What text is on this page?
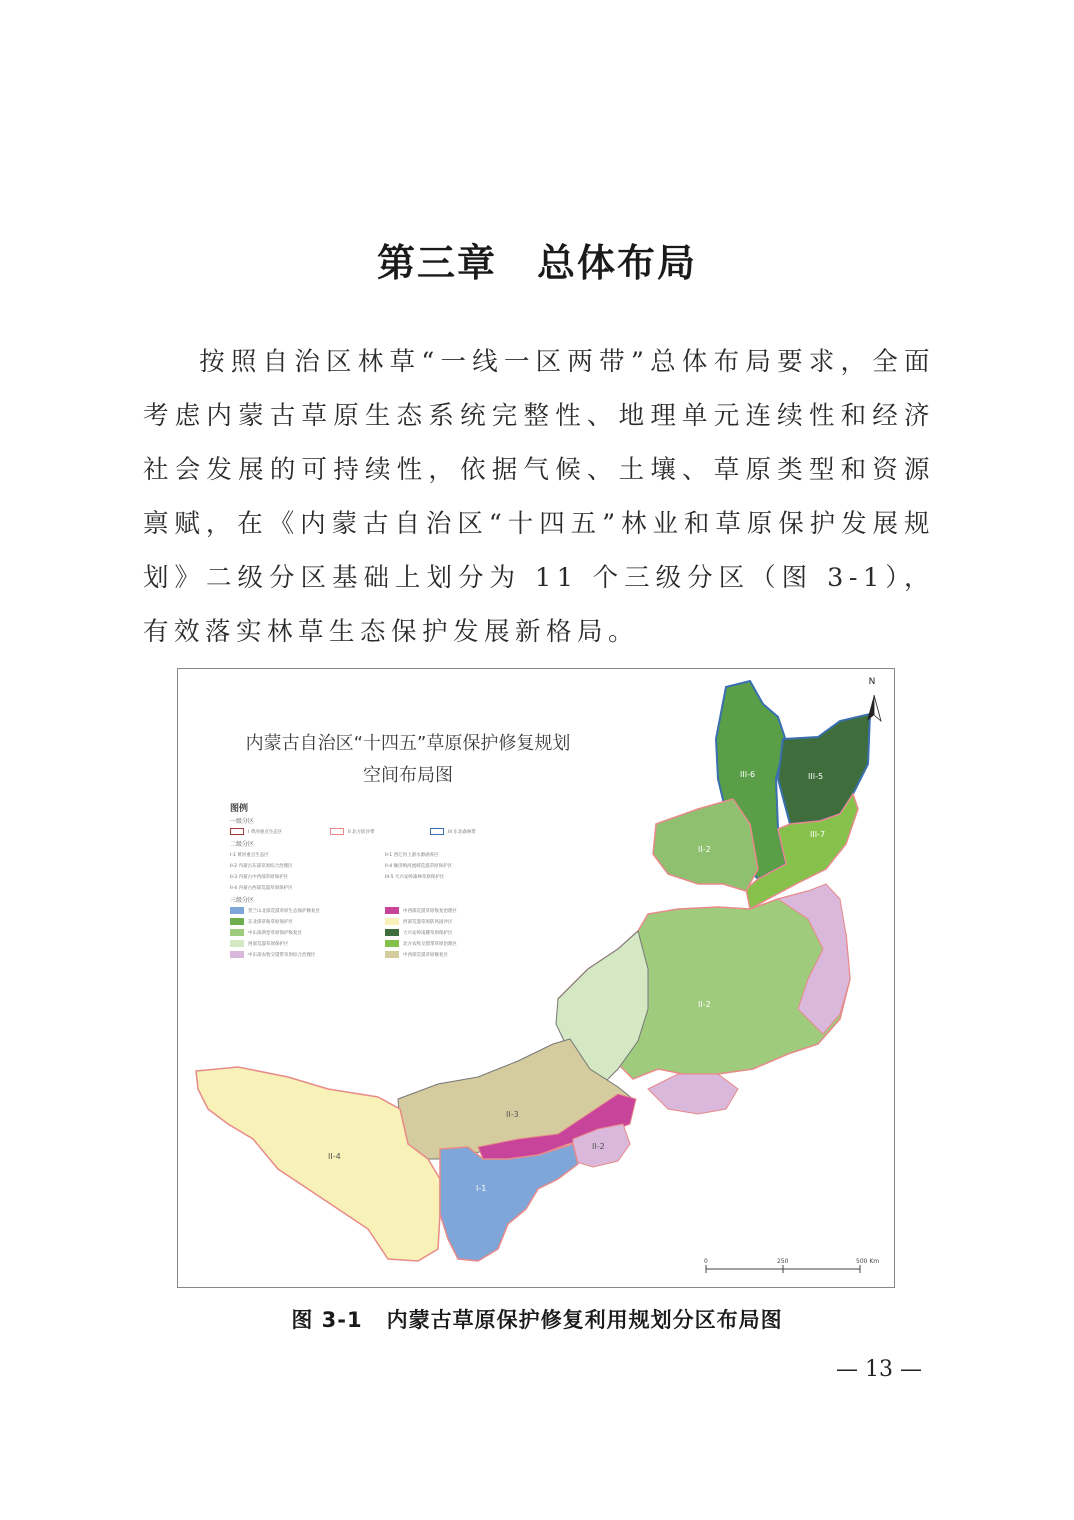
第三章 总体布局

按照自治区林草“一线一区两带”总体布局要求，全面考虑内蒙古草原生态系统完整性、地理单元连续性和经济社会发展的可持续性，依据气候、土壤、草原类型和资源禀赋，在《内蒙古自治区“十四五”林业和草原保护发展规划》二级分区基础上划分为 11 个三级分区（图 3-1），有效落实林草生态保护发展新格局。

III-6	III-5
III-7
II-2
II-2
II-3
II-2
II-4
I-1
0	250	500 Km
N
内蒙古自治区“十四五”草原保护修复规划
空间布局图
图例
一级分区
I 黄河重点生态区	II 北方防沙带	III 东北森林带
二级分区
I-1 黄河重点生态区	II-1 西辽河上游水源涵养区
II-2 内蒙古东部草原综合治理区	II-4 额济纳河流域荒漠草原保护区
II-3 内蒙古中西部草原保护区	III-5 大兴安岭森林草原保护区
II-4 内蒙古西部荒漠草原保护区
三级分区
贺兰山北部荒漠草原生态保护修复区	中西部荒漠草原恢复治理区
东北部草甸草原保护区	西部荒漠草原防风固沙区
中东部典型草原保护恢复区	大兴安岭南麓草原保护区
西部荒漠草原保护区	北方农牧交错带草原治理区
中东部农牧交错带草原综合治理区	中西部荒漠草原修复区
图 3-1 内蒙古草原保护修复利用规划分区布局图
— 13 —
